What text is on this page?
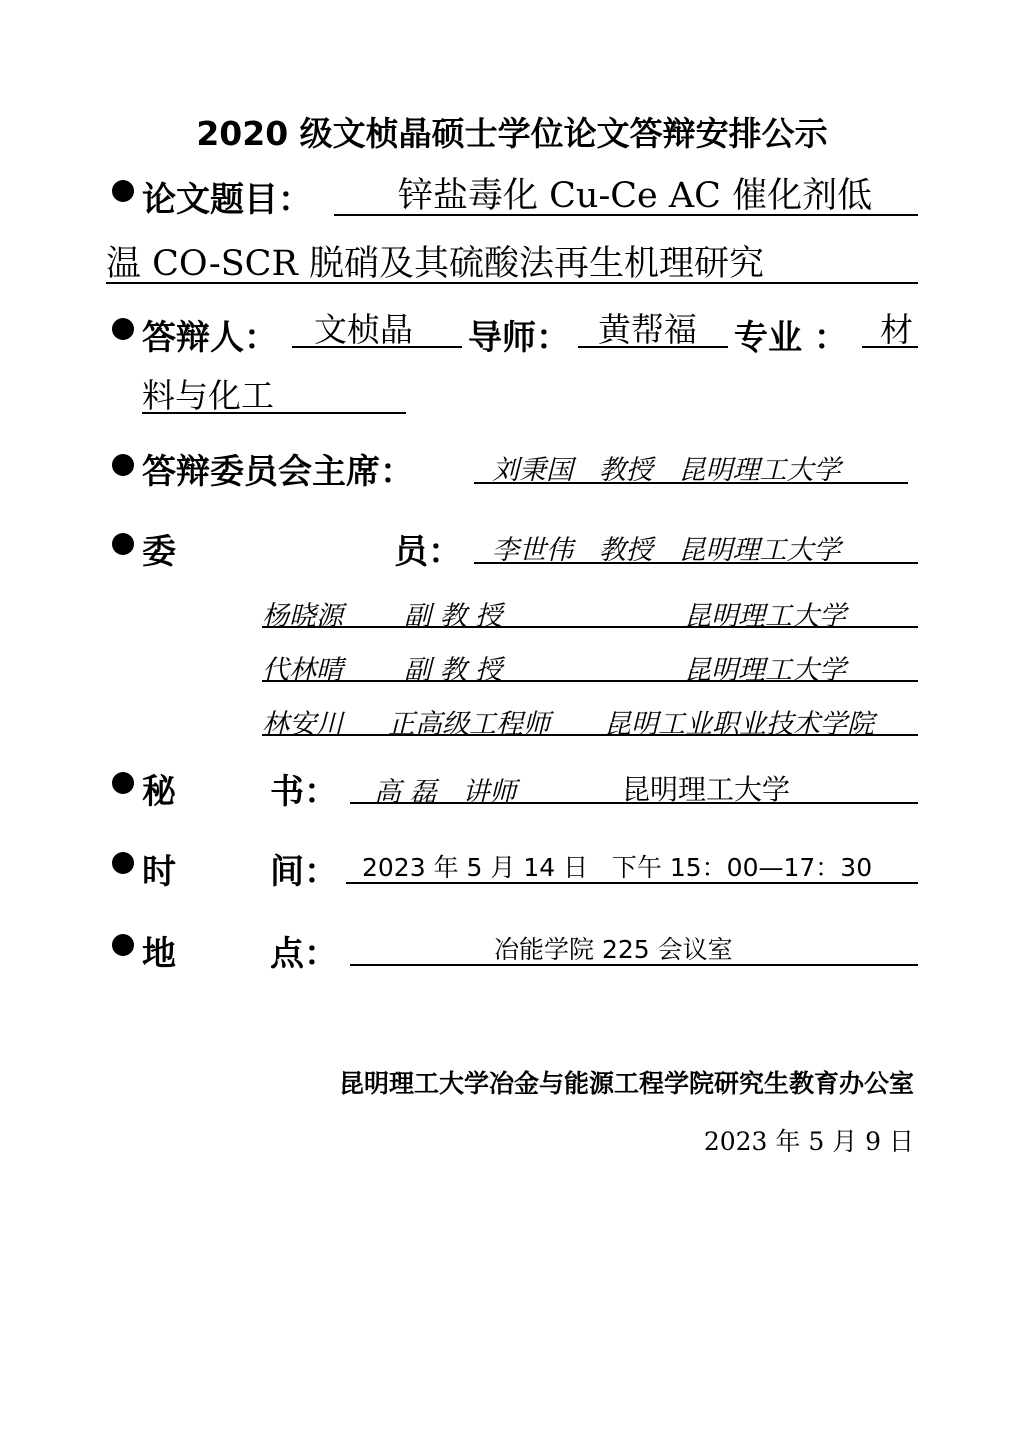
2020 级文桢晶硕士学位论文答辩安排公示
论文题目： 锌盐毒化 Cu-Ce AC 催化剂低
温 CO-SCR 脱硝及其硫酸法再生机理研究
答辩人： 文桢晶 导师： 黄帮福 专业 ： 材
料与化工
答辩委员会主席：	刘秉国   教授   昆明理工大学
委	员： 李世伟   教授   昆明理工大学
杨晓源 副 教 授	昆明理工大学
代林晴 副 教 授	昆明理工大学
林安川 正高级工程师 昆明工业职业技术学院
秘	书： 高 磊   讲师	昆明理工大学
时	间： 2023 年 5 月 14 日   下午 15：00—17：30
地	点：	冶能学院 225 会议室
昆明理工大学冶金与能源工程学院研究生教育办公室
2023 年 5 月 9 日
